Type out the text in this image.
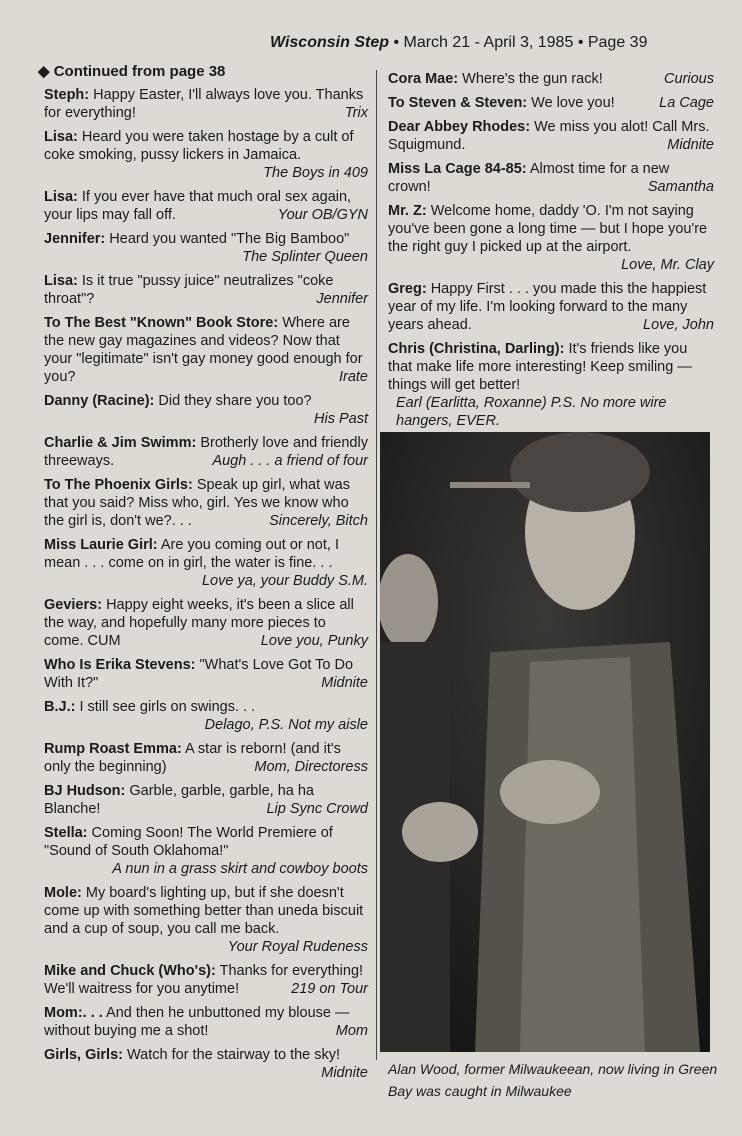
Wisconsin Step • March 21 - April 3, 1985 • Page 39
◆ Continued from page 38
Steph: Happy Easter, I'll always love you. Thanks for everything!	Trix
Lisa: Heard you were taken hostage by a cult of coke smoking, pussy lickers in Jamaica.
The Boys in 409
Lisa: If you ever have that much oral sex again, your lips may fall off.	Your OB/GYN
Jennifer: Heard you wanted "The Big Bamboo"
The Splinter Queen
Lisa: Is it true "pussy juice" neutralizes "coke throat"?	Jennifer
To The Best "Known" Book Store: Where are the new gay magazines and videos? Now that your "legitimate" isn't gay money good enough for you?	Irate
Danny (Racine): Did they share you too?
His Past
Charlie & Jim Swimm: Brotherly love and friendly threeways.	Augh . . . a friend of four
To The Phoenix Girls: Speak up girl, what was that you said? Miss who, girl. Yes we know who the girl is, don't we?. . .	Sincerely, Bitch
Miss Laurie Girl: Are you coming out or not, I mean . . . come on in girl, the water is fine. . .
Love ya, your Buddy S.M.
Geviers: Happy eight weeks, it's been a slice all the way, and hopefully many more pieces to come. CUM	Love you, Punky
Who Is Erika Stevens: "What's Love Got To Do With It?"	Midnite
B.J.: I still see girls on swings. . .
Delago, P.S. Not my aisle
Rump Roast Emma: A star is reborn! (and it's only the beginning)	Mom, Directoress
BJ Hudson: Garble, garble, garble, ha ha Blanche!	Lip Sync Crowd
Stella: Coming Soon! The World Premiere of "Sound of South Oklahoma!"
A nun in a grass skirt and cowboy boots
Mole: My board's lighting up, but if she doesn't come up with something better than uneda biscuit and a cup of soup, you call me back.
Your Royal Rudeness
Mike and Chuck (Who's): Thanks for everything! We'll waitress for you anytime!	219 on Tour
Mom:. . . And then he unbuttoned my blouse — without buying me a shot!	Mom
Girls, Girls: Watch for the stairway to the sky!
Midnite
Cora Mae: Where's the gun rack!	Curious
To Steven & Steven: We love you!	La Cage
Dear Abbey Rhodes: We miss you alot! Call Mrs. Squigmund.	Midnite
Miss La Cage 84-85: Almost time for a new crown!	Samantha
Mr. Z: Welcome home, daddy 'O. I'm not saying you've been gone a long time — but I hope you're the right guy I picked up at the airport.
Love, Mr. Clay
Greg: Happy First . . . you made this the happiest year of my life. I'm looking forward to the many years ahead.	Love, John
Chris (Christina, Darling): It's friends like you that make life more interesting! Keep smiling — things will get better!
Earl (Earlitta, Roxanne) P.S. No more wire hangers, EVER.
Alan Wood, former Milwaukeean, now living in Green Bay was caught in Milwaukee
